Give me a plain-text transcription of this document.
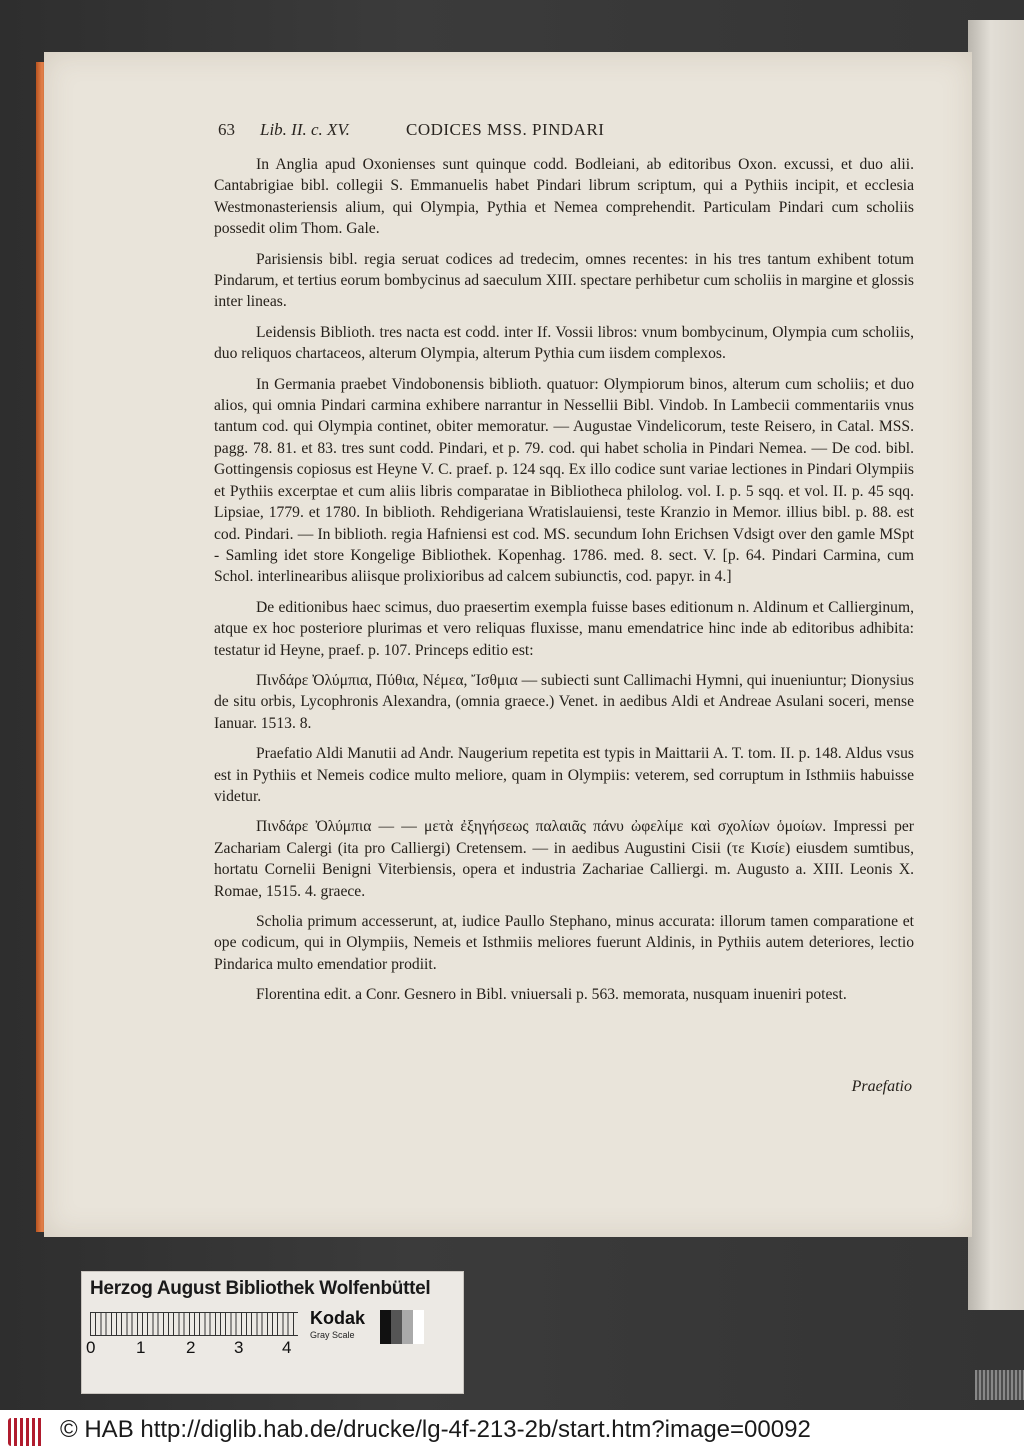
63 Lib. II. c. XV.	CODICES MSS. PINDARI

In Anglia apud Oxonienses sunt quinque codd. Bodleiani, ab editoribus Oxon. excussi, et duo alii. Cantabrigiae bibl. collegii S. Emmanuelis habet Pindari librum scriptum, qui a Pythiis incipit, et ecclesia Westmonasteriensis alium, qui Olympia, Pythia et Nemea comprehendit. Particulam Pindari cum scholiis possedit olim Thom. Gale.

Parisiensis bibl. regia seruat codices ad tredecim, omnes recentes: in his tres tantum exhibent totum Pindarum, et tertius eorum bombycinus ad saeculum XIII. spectare perhibetur cum scholiis in margine et glossis inter lineas.

Leidensis Biblioth. tres nacta est codd. inter If. Vossii libros: vnum bombycinum, Olympia cum scholiis, duo reliquos chartaceos, alterum Olympia, alterum Pythia cum iisdem complexos.

In Germania praebet Vindobonensis biblioth. quatuor: Olympiorum binos, alterum cum scholiis; et duo alios, qui omnia Pindari carmina exhibere narrantur in Nessellii Bibl. Vindob. In Lambecii commentariis vnus tantum cod. qui Olympia continet, obiter memoratur. — Augustae Vindelicorum, teste Reisero, in Catal. MSS. pagg. 78. 81. et 83. tres sunt codd. Pindari, et p. 79. cod. qui habet scholia in Pindari Nemea. — De cod. bibl. Gottingensis copiosus est Heyne V. C. praef. p. 124 sqq. Ex illo codice sunt variae lectiones in Pindari Olympiis et Pythiis excerptae et cum aliis libris comparatae in Bibliotheca philolog. vol. I. p. 5 sqq. et vol. II. p. 45 sqq. Lipsiae, 1779. et 1780. In biblioth. Rehdigeriana Wratislauiensi, teste Kranzio in Memor. illius bibl. p. 88. est cod. Pindari. — In biblioth. regia Hafniensi est cod. MS. secundum Iohn Erichsen Vdsigt over den gamle MSpt - Samling idet store Kongelige Bibliothek. Kopenhag. 1786. med. 8. sect. V. [p. 64. Pindari Carmina, cum Schol. interlinearibus aliisque prolixioribus ad calcem subiunctis, cod. papyr. in 4.]

De editionibus haec scimus, duo praesertim exempla fuisse bases editionum n. Aldinum et Callierginum, atque ex hoc posteriore plurimas et vero reliquas fluxisse, manu emendatrice hinc inde ab editoribus adhibita: testatur id Heyne, praef. p. 107. Princeps editio est:

Πινδάρε Ὀλύμπια, Πύθια, Νέμεα, Ἴσθμια — subiecti sunt Callimachi Hymni, qui inueniuntur; Dionysius de situ orbis, Lycophronis Alexandra, (omnia graece.) Venet. in aedibus Aldi et Andreae Asulani soceri, mense Ianuar. 1513. 8.

Praefatio Aldi Manutii ad Andr. Naugerium repetita est typis in Maittarii A. T. tom. II. p. 148. Aldus vsus est in Pythiis et Nemeis codice multo meliore, quam in Olympiis: veterem, sed corruptum in Isthmiis habuisse videtur.

Πινδάρε Ὀλύμπια — — μετὰ ἐξηγήσεως παλαιᾶς πάνυ ὠφελίμε καὶ σχολίων ὁμοίων. Impressi per Zachariam Calergi (ita pro Calliergi) Cretensem. — in aedibus Augustini Cisii (τε Κισίε) eiusdem sumtibus, hortatu Cornelii Benigni Viterbiensis, opera et industria Zachariae Calliergi. m. Augusto a. XIII. Leonis X. Romae, 1515. 4. graece.

Scholia primum accesserunt, at, iudice Paullo Stephano, minus accurata: illorum tamen comparatione et ope codicum, qui in Olympiis, Nemeis et Isthmiis meliores fuerunt Aldinis, in Pythiis autem deteriores, lectio Pindarica multo emendatior prodiit.

Florentina edit. a Conr. Gesnero in Bibl. vniuersali p. 563. memorata, nusquam inueniri potest.

Praefatio
Herzog August Bibliothek Wolfenbüttel
0 1 2 3 4
Kodak
Gray Scale
© HAB http://diglib.hab.de/drucke/lg-4f-213-2b/start.htm?image=00092
